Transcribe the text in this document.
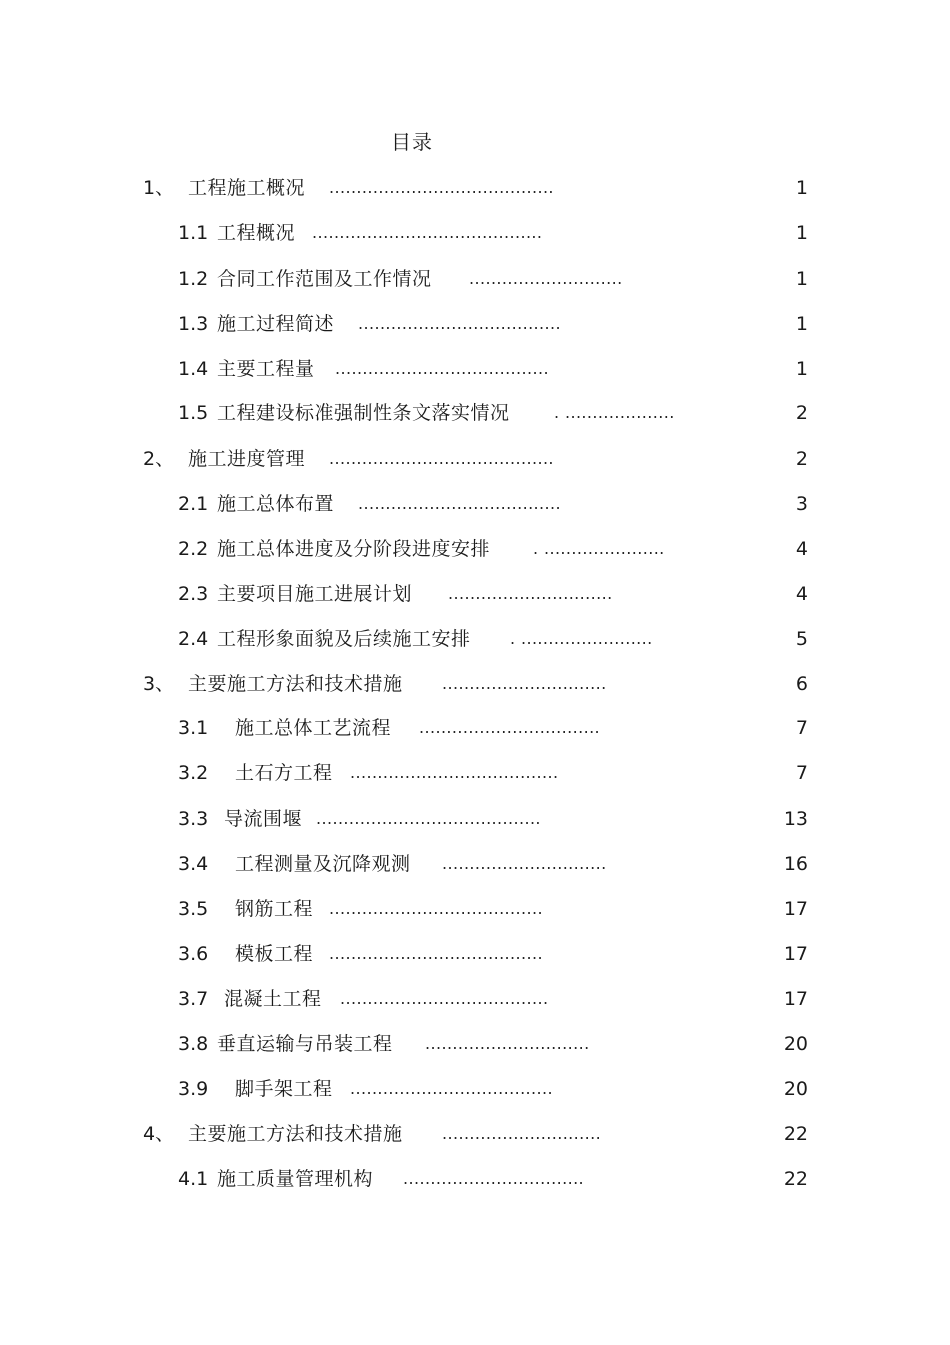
目录
1、 工程施工概况 .........................................	1
1.1 工程概况 ..........................................	1
1.2 合同工作范围及工作情况 ............................	1
1.3 施工过程简述 .....................................	1
1.4 主要工程量 .......................................	1
1.5 工程建设标准强制性条文落实情况	. ....................	2
2、 施工进度管理 .........................................	2
2.1 施工总体布置 .....................................	3
2.2 施工总体进度及分阶段进度安排	. ......................	4
2.3 主要项目施工进展计划 ..............................	4
2.4 工程形象面貌及后续施工安排 . ........................	5
3、 主要施工方法和技术措施 ..............................	6
3.1 施工总体工艺流程 .................................	7
3.2 土石方工程 ......................................	7
3.3 导流围堰 .........................................	13
3.4 工程测量及沉降观测 ..............................	16
3.5 钢筋工程 .......................................	17
3.6 模板工程 .......................................	17
3.7 混凝土工程 ......................................	17
3.8 垂直运输与吊装工程 ..............................	20
3.9 脚手架工程 .....................................	20
4、 主要施工方法和技术措施 .............................	22
4.1 施工质量管理机构 .................................	22
